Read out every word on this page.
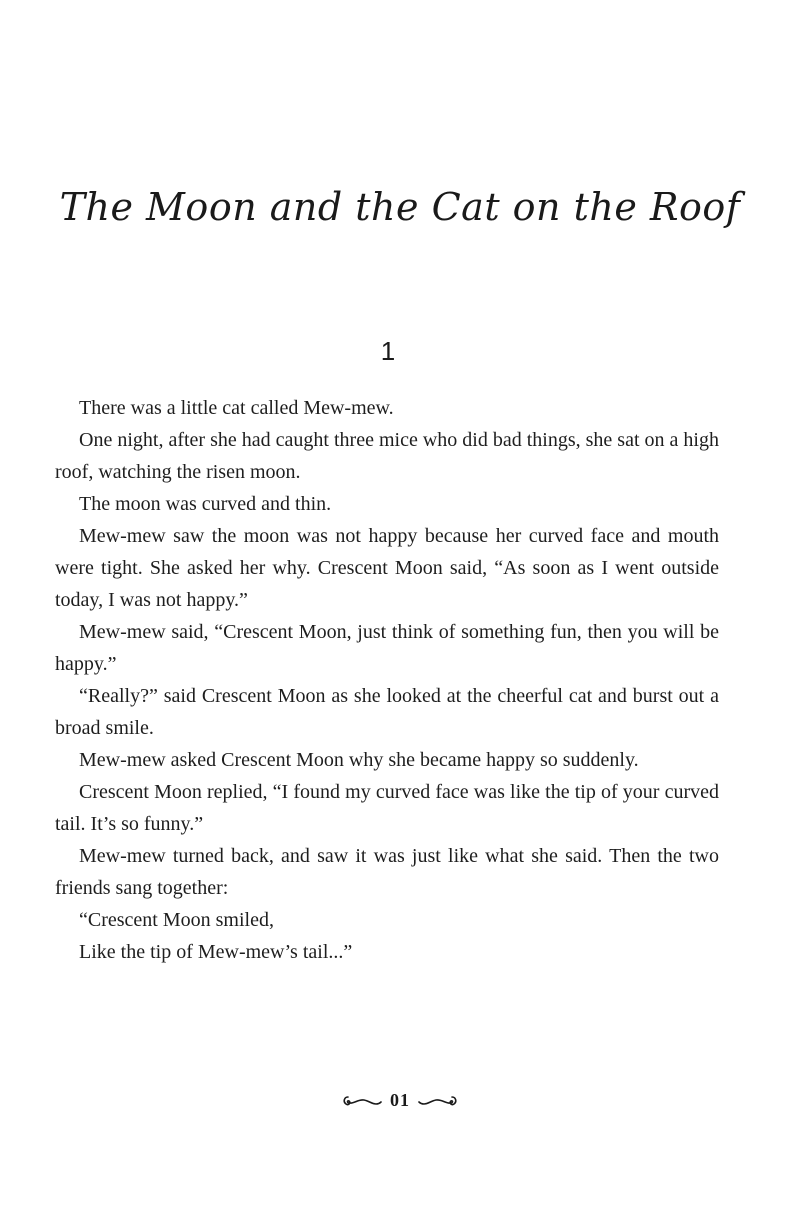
The Moon and the Cat on the Roof
1

There was a little cat called Mew-mew.

One night, after she had caught three mice who did bad things, she sat on a high roof, watching the risen moon.

The moon was curved and thin.

Mew-mew saw the moon was not happy because her curved face and mouth were tight. She asked her why. Crescent Moon said, “As soon as I went outside today, I was not happy.”

Mew-mew said, “Crescent Moon, just think of something fun, then you will be happy.”

“Really?” said Crescent Moon as she looked at the cheerful cat and burst out a broad smile.

Mew-mew asked Crescent Moon why she became happy so suddenly.

Crescent Moon replied, “I found my curved face was like the tip of your curved tail. It’s so funny.”

Mew-mew turned back, and saw it was just like what she said. Then the two friends sang together:

“Crescent Moon smiled,

Like the tip of Mew-mew’s tail...”

01
